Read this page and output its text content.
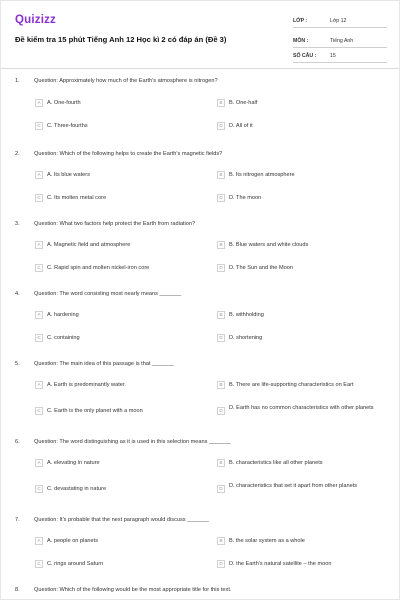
Quizizz
Đề kiểm tra 15 phút Tiếng Anh 12 Học kì 2 có đáp án (Đề 3)
LỚP :	Lớp 12
MÔN :	Tiếng Anh
SỐ CÂU :	15
1.	Question: Approximately how much of the Earth's atmosphere is nitrogen?
A	A. One-fourth	B	B. One-half
C	C. Three-fourths	D	D. All of it
2.	Question: Which of the following helps to create the Earth's magnetic fields?
A	A. Its blue waters	B	B. Its nitrogen atmosphere
C	C. Its molten metal core	D	D. The moon
3.	Question: What two factors help protect the Earth from radiation?
A	A. Magnetic field and atmosphere	B	B. Blue waters and white clouds
C	C. Rapid spin and molten nickel-iron core	D	D. The Sun and the Moon
4.	Question: The word consisting most nearly means _______
A	A. hardening	B	B. withholding
C	C. containing	D	D. shortening
5.	Question: The main idea of this passage is that _______
A	A. Earth is predominantly water.	B	B. There are life-supporting characteristics on Eart
C	C. Earth is the only planet with a moon	D	D. Earth has no common characteristics with other planets
6.	Question: The word distinguishing as it is used in this selection means _______
A	A. elevating in nature	B	B. characteristics like all other planets
C	C. devastating in nature	D	D. characteristics that set it apart from other planets
7.	Question: It's probable that the next paragraph would discuss _______
A	A. people on planets	B	B. the solar system as a whole
C	C. rings around Saturn	D	D. the Earth's natural satellite – the moon
8.	Question: Which of the following would be the most appropriate title for this text.
